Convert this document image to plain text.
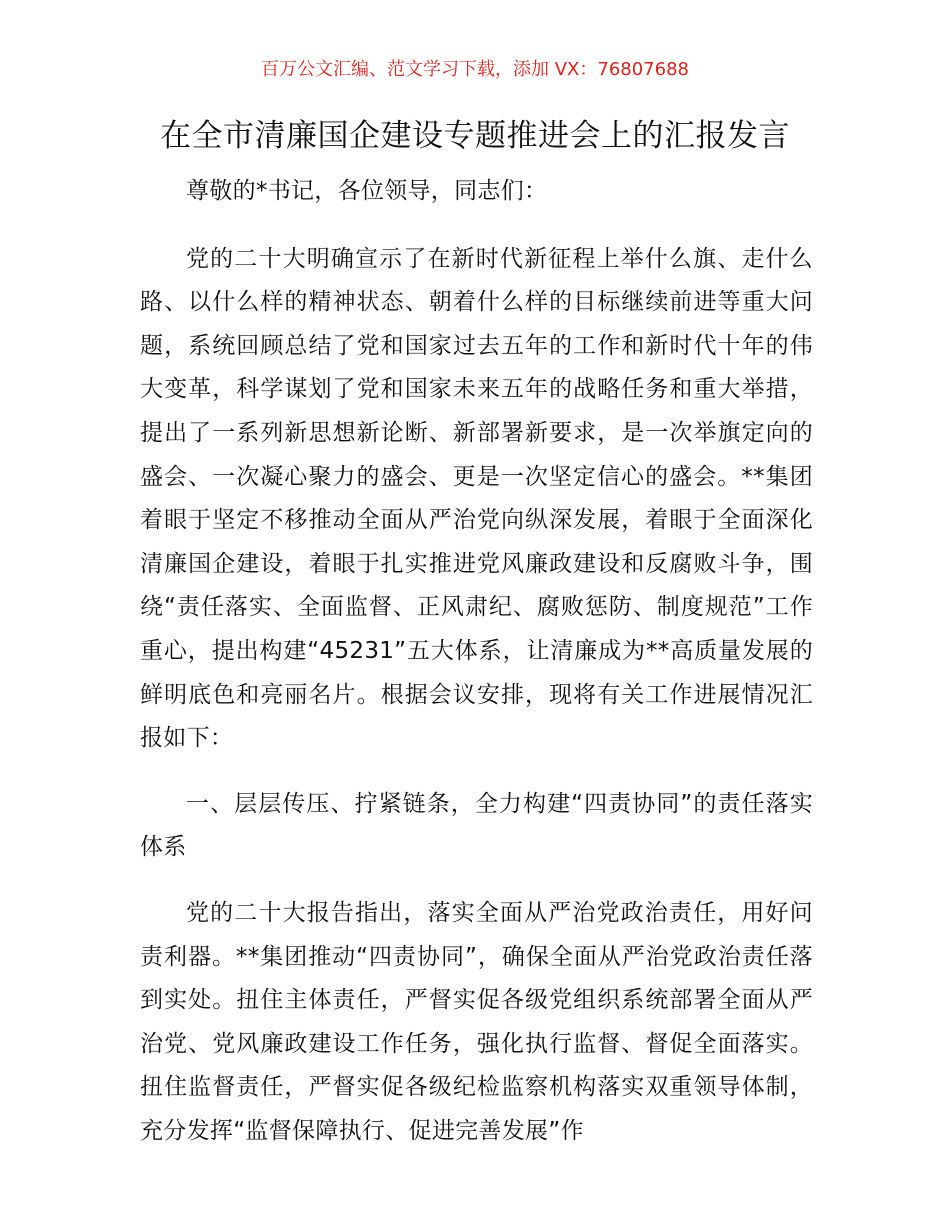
百万公文汇编、范文学习下载，添加 VX：76807688
在全市清廉国企建设专题推进会上的汇报发言

尊敬的*书记，各位领导，同志们：

党的二十大明确宣示了在新时代新征程上举什么旗、走什么路、以什么样的精神状态、朝着什么样的目标继续前进等重大问题，系统回顾总结了党和国家过去五年的工作和新时代十年的伟大变革，科学谋划了党和国家未来五年的战略任务和重大举措，提出了一系列新思想新论断、新部署新要求，是一次举旗定向的盛会、一次凝心聚力的盛会、更是一次坚定信心的盛会。**集团着眼于坚定不移推动全面从严治党向纵深发展，着眼于全面深化清廉国企建设，着眼于扎实推进党风廉政建设和反腐败斗争，围绕“责任落实、全面监督、正风肃纪、腐败惩防、制度规范”工作重心，提出构建“45231”五大体系，让清廉成为**高质量发展的鲜明底色和亮丽名片。根据会议安排，现将有关工作进展情况汇报如下：

一、层层传压、拧紧链条，全力构建“四责协同”的责任落实体系

党的二十大报告指出，落实全面从严治党政治责任，用好问责利器。**集团推动“四责协同”，确保全面从严治党政治责任落到实处。扭住主体责任，严督实促各级党组织系统部署全面从严治党、党风廉政建设工作任务，强化执行监督、督促全面落实。扭住监督责任，严督实促各级纪检监察机构落实双重领导体制，充分发挥“监督保障执行、促进完善发展”作
